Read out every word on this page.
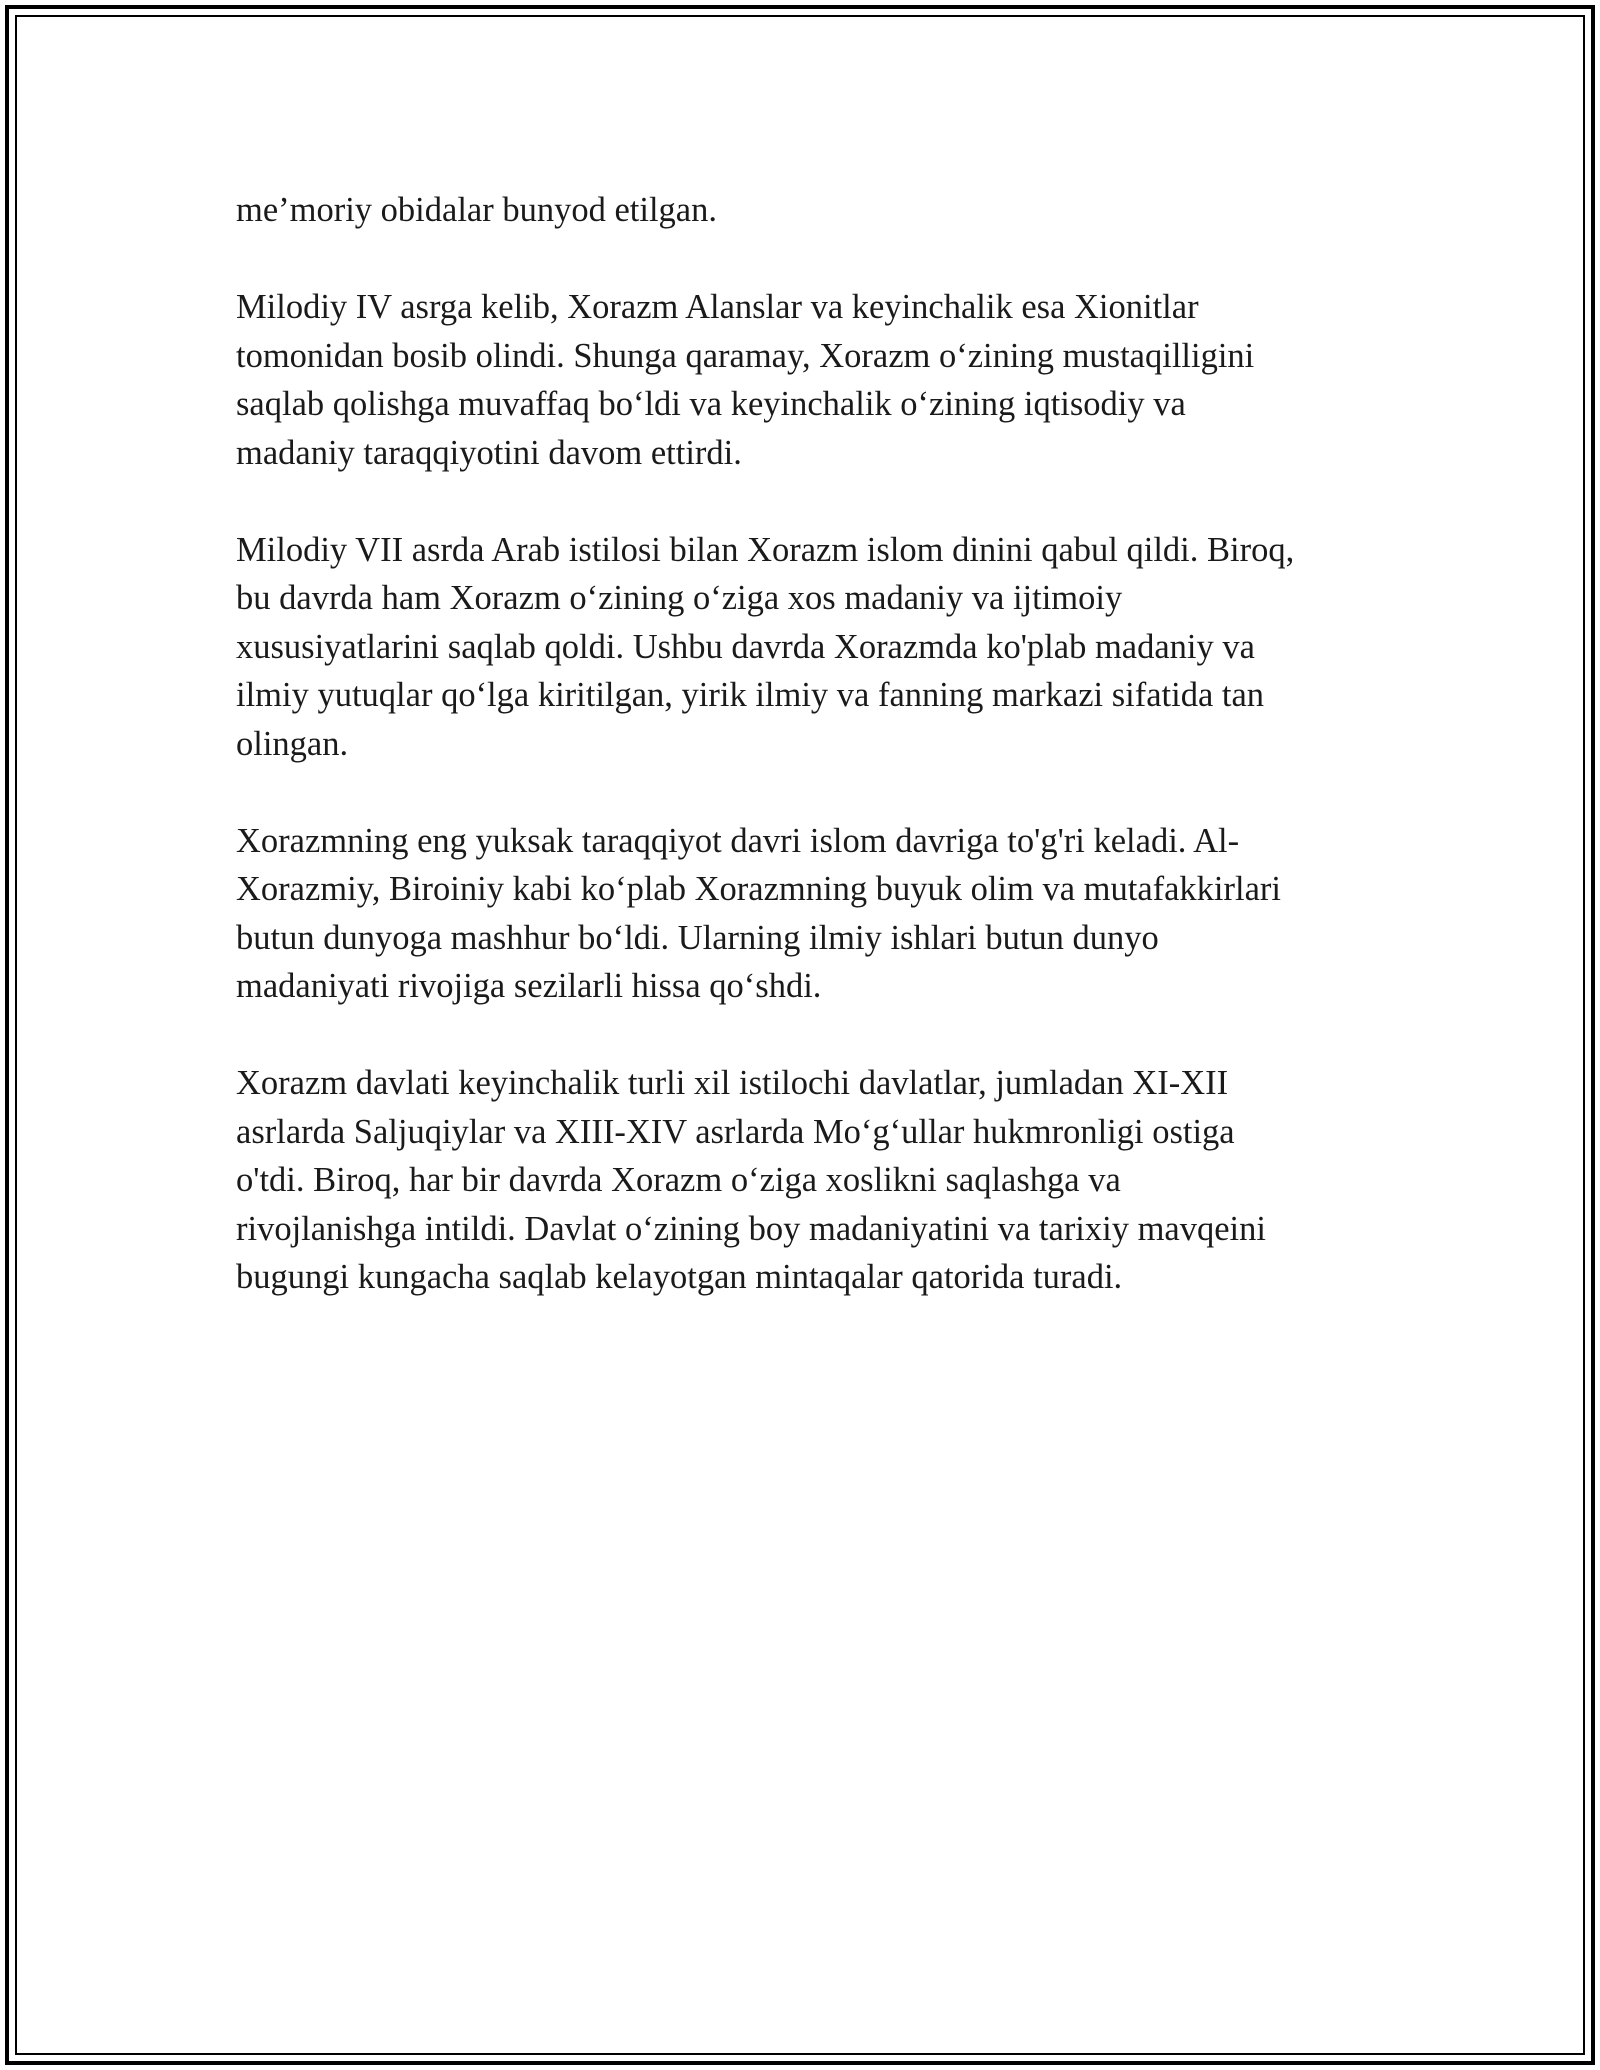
me’moriy obidalar bunyod etilgan.

Milodiy IV asrga kelib, Xorazm Alanslar va keyinchalik esa Xionitlar
tomonidan bosib olindi. Shunga qaramay, Xorazm o‘zining mustaqilligini
saqlab qolishga muvaffaq bo‘ldi va keyinchalik o‘zining iqtisodiy va
madaniy taraqqiyotini davom ettirdi.

Milodiy VII asrda Arab istilosi bilan Xorazm islom dinini qabul qildi. Biroq,
bu davrda ham Xorazm o‘zining o‘ziga xos madaniy va ijtimoiy
xususiyatlarini saqlab qoldi. Ushbu davrda Xorazmda ko'plab madaniy va
ilmiy yutuqlar qo‘lga kiritilgan, yirik ilmiy va fanning markazi sifatida tan
olingan.

Xorazmning eng yuksak taraqqiyot davri islom davriga to'g'ri keladi. Al-
Xorazmiy, Biroiniy kabi ko‘plab Xorazmning buyuk olim va mutafakkirlari
butun dunyoga mashhur bo‘ldi. Ularning ilmiy ishlari butun dunyo
madaniyati rivojiga sezilarli hissa qo‘shdi.

Xorazm davlati keyinchalik turli xil istilochi davlatlar, jumladan XI-XII
asrlarda Saljuqiylar va XIII-XIV asrlarda Mo‘g‘ullar hukmronligi ostiga
o'tdi. Biroq, har bir davrda Xorazm o‘ziga xoslikni saqlashga va
rivojlanishga intildi. Davlat o‘zining boy madaniyatini va tarixiy mavqeini
bugungi kungacha saqlab kelayotgan mintaqalar qatorida turadi.
